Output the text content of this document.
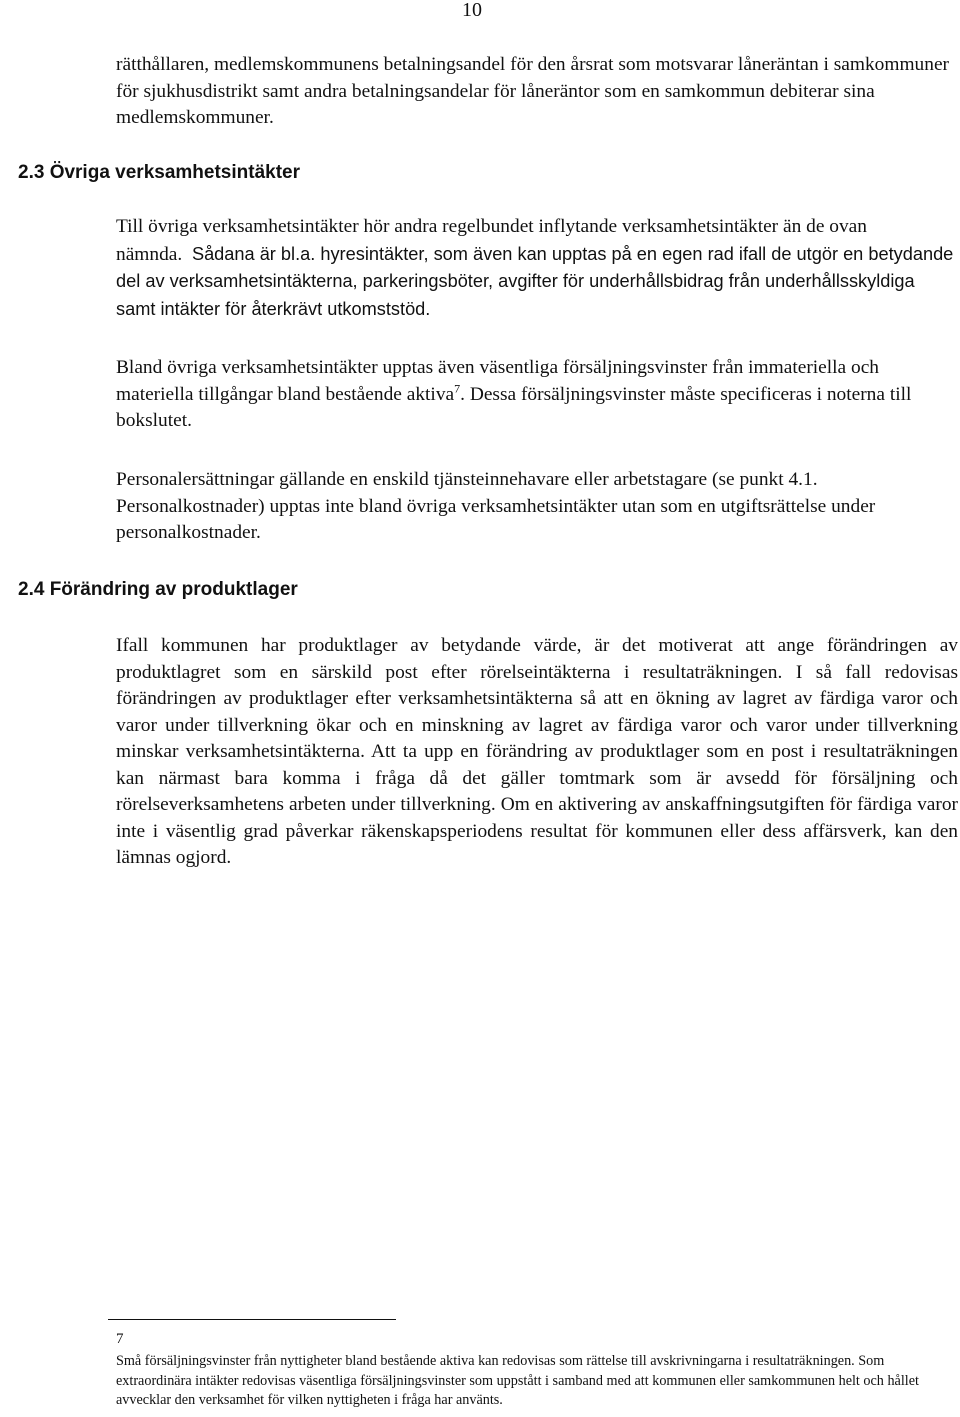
10

rätthållaren, medlemskommunens betalningsandel för den årsrat som motsvarar låneräntan i samkommuner för sjukhusdistrikt samt andra betalningsandelar för låneräntor som en samkommun debiterar sina medlemskommuner.

2.3 Övriga verksamhetsintäkter

Till övriga verksamhetsintäkter hör andra regelbundet inflytande verksamhetsintäkter än de ovan nämnda. Sådana är bl.a. hyresintäkter, som även kan upptas på en egen rad ifall de utgör en betydande del av verksamhetsintäkterna, parkeringsböter, avgifter för underhållsbidrag från underhållsskyldiga samt intäkter för återkrävt utkomststöd.

Bland övriga verksamhetsintäkter upptas även väsentliga försäljningsvinster från immateriella och materiella tillgångar bland bestående aktiva$^7$. Dessa försäljningsvinster måste specificeras i noterna till bokslutet.

Personalersättningar gällande en enskild tjänsteinnehavare eller arbetstagare (se punkt 4.1. Personalkostnader) upptas inte bland övriga verksamhetsintäkter utan som en utgiftsrättelse under personalkostnader.

2.4 Förändring av produktlager

Ifall kommunen har produktlager av betydande värde, är det motiverat att ange förändringen av produktlagret som en särskild post efter rörelseintäkterna i resultaträkningen. I så fall redovisas förändringen av produktlager efter verksamhetsintäkterna så att en ökning av lagret av färdiga varor och varor under tillverkning ökar och en minskning av lagret av färdiga varor och varor under tillverkning minskar verksamhetsintäkterna. Att ta upp en förändring av produktlager som en post i resultaträkningen kan närmast bara komma i fråga då det gäller tomtmark som är avsedd för försäljning och rörelseverksamhetens arbeten under tillverkning. Om en aktivering av anskaffningsutgiften för färdiga varor inte i väsentlig grad påverkar räkenskapsperiodens resultat för kommunen eller dess affärsverk, kan den lämnas ogjord.

7

Små försäljningsvinster från nyttigheter bland bestående aktiva kan redovisas som rättelse till avskrivningarna i resultaträkningen. Som extraordinära intäkter redovisas väsentliga försäljningsvinster som uppstått i samband med att kommunen eller samkommunen helt och hållet avvecklar den verksamhet för vilken nyttigheten i fråga har använts.
